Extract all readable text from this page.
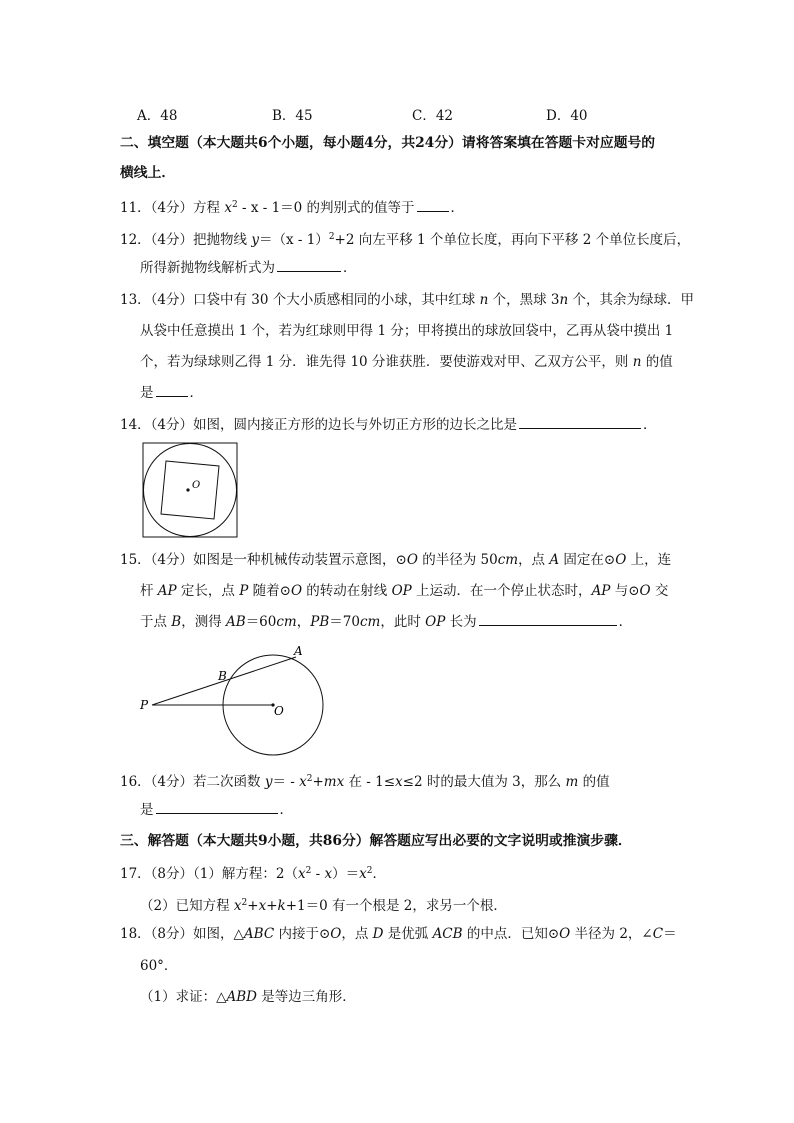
A．48	B．45	C．42	D．40
二、填空题（本大题共6个小题，每小题4分，共24分）请将答案填在答题卡对应题号的
横线上．
11．（4分）方程 $x^2 - x - 1=0$ 的判别式的值等于	．
12．（4分）把抛物线 y＝（x - 1）$^2$+2 向左平移 1 个单位长度，再向下平移 2 个单位长度后，
所得新抛物线解析式为	．
13．（4分）口袋中有 30 个大小质感相同的小球，其中红球 n 个，黑球 3n 个，其余为绿球．甲
从袋中任意摸出 1 个，若为红球则甲得 1 分；甲将摸出的球放回袋中，乙再从袋中摸出 1
个，若为绿球则乙得 1 分．谁先得 10 分谁获胜．要使游戏对甲、乙双方公平，则 n 的值
是	．
14．（4分）如图，圆内接正方形的边长与外切正方形的边长之比是	．
O
15．（4分）如图是一种机械传动装置示意图，⊙O 的半径为 50cm，点 A 固定在⊙O 上，连
杆 AP 定长，点 P 随着⊙O 的转动在射线 OP 上运动．在一个停止状态时，AP 与⊙O 交
于点 B，测得 AB＝60cm，PB＝70cm，此时 OP 长为	．
A
B
P	O
16．（4分）若二次函数 $y= - x^2+mx$ 在 - 1≤x≤2 时的最大值为 3，那么 m 的值
是	．
三、解答题（本大题共9小题，共86分）解答题应写出必要的文字说明或推演步骤．
17．（8分）（1）解方程：$2(x^2 - x)=x^2$．
（2）已知方程 $x^2+x+k+1=0$ 有一个根是 2，求另一个根．
18．（8分）如图，△ABC 内接于⊙O，点 D 是优弧 ACB 的中点．已知⊙O 半径为 2，∠C＝
60°．
（1）求证：△ABD 是等边三角形．
